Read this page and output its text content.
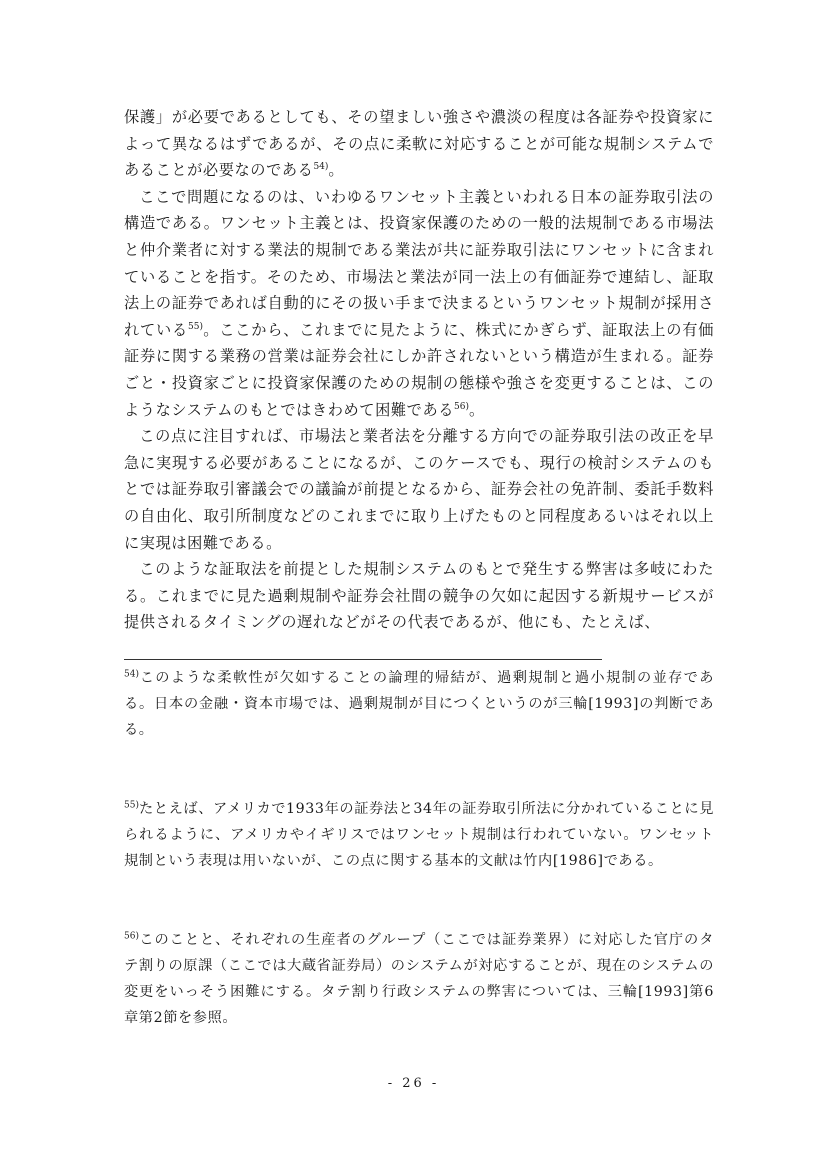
保護」が必要であるとしても、その望ましい強さや濃淡の程度は各証券や投資家によって異なるはずであるが、その点に柔軟に対応することが可能な規制システムであることが必要なのである$^{54)}$。

ここで問題になるのは、いわゆるワンセット主義といわれる日本の証券取引法の構造である。ワンセット主義とは、投資家保護のための一般的法規制である市場法と仲介業者に対する業法的規制である業法が共に証券取引法にワンセットに含まれていることを指す。そのため、市場法と業法が同一法上の有価証券で連結し、証取法上の証券であれば自動的にその扱い手まで決まるというワンセット規制が採用されている$^{55)}$。ここから、これまでに見たように、株式にかぎらず、証取法上の有価証券に関する業務の営業は証券会社にしか許されないという構造が生まれる。証券ごと・投資家ごとに投資家保護のための規制の態様や強さを変更することは、このようなシステムのもとではきわめて困難である$^{56)}$。

この点に注目すれば、市場法と業者法を分離する方向での証券取引法の改正を早急に実現する必要があることになるが、このケースでも、現行の検討システムのもとでは証券取引審議会での議論が前提となるから、証券会社の免許制、委託手数料の自由化、取引所制度などのこれまでに取り上げたものと同程度あるいはそれ以上に実現は困難である。

このような証取法を前提とした規制システムのもとで発生する弊害は多岐にわたる。これまでに見た過剰規制や証券会社間の競争の欠如に起因する新規サービスが提供されるタイミングの遅れなどがその代表であるが、他にも、たとえば、

$^{54)}$このような柔軟性が欠如することの論理的帰結が、過剰規制と過小規制の並存である。日本の金融・資本市場では、過剰規制が目につくというのが三輪[1993]の判断である。

$^{55)}$たとえば、アメリカで1933年の証券法と34年の証券取引所法に分かれていることに見られるように、アメリカやイギリスではワンセット規制は行われていない。ワンセット規制という表現は用いないが、この点に関する基本的文献は竹内[1986]である。

$^{56)}$このことと、それぞれの生産者のグループ（ここでは証券業界）に対応した官庁のタテ割りの原課（ここでは大蔵省証券局）のシステムが対応することが、現在のシステムの変更をいっそう困難にする。タテ割り行政システムの弊害については、三輪[1993]第6章第2節を参照。

- 26 -
